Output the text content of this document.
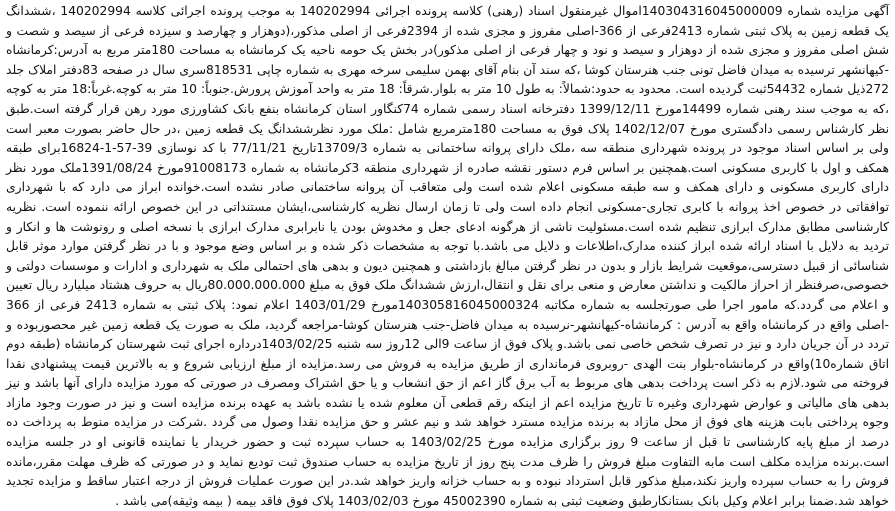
آگهی مزایده شماره 140304316045000009اموال غیرمنقول اسناد (رهنی) کلاسه پرونده اجرائی 140202994 به موجب پرونده اجرائی کلاسه 140202994 ،ششدانگ یک قطعه زمین به پلاک ثبتی شماره 2413فرعی از 366-اصلی مفروز و مجزی شده از 2394فرعی از اصلی مذکور،(دوهزار و چهارصد و سیزده فرعی از سیصد و شصت و شش اصلی مفروز و مجزی شده از دوهزار و سیصد و نود و چهار فرعی از اصلی مذکور)در بخش یک حومه ناحیه یک کرمانشاه به مساحت 180متر مربع به آدرس:کرمانشاه -کیهانشهر ترسیده به میدان فاضل تونی جنب هنرستان کوشا ،که سند آن بنام آقای بهمن سلیمی سرخه مهری به شماره چاپی 818531سری سال در صفحه 83دفتر املاک جلد 272ذیل شماره 54432ثبت گردیده است. محدود به حدود:شمالاً: به طول 10 متر به بلوار.شرقاً: 18 متر به واحد آموزش پرورش.جنوباً: 10 متر به کوچه.غرباً:18 متر به کوچه ،که به موجب سند رهنی شماره 14499مورخ 1399/12/11 دفترخانه اسناد رسمی شماره 74کنگاور استان کرمانشاه بنفع بانک کشاورزی مورد رهن قرار گرفته است.طبق نظر کارشناس رسمی دادگستری مورخ 1402/12/07 پلاک فوق به مساحت 180مترمربع شامل :ملک مورد نظرششدانگ یک قطعه زمین ،در حال حاضر بصورت معبر است ولی بر اساس اسناد موجود در پرونده شهرداری منطقه سه ،ملک دارای پروانه ساختمانی به شماره 13709/3تاریخ 77/11/21 با کد نوسازی 39-57-1-16824برای طبقه همکف و اول با کاربری مسکونی است.همچنین بر اساس فرم دستور نقشه صادره از شهرداری منطقه 3کرمانشاه به شماره 91008173مورخ 1391/08/24ملک مورد نظر دارای کاربری مسکونی و دارای همکف و سه طبقه مسکونی اعلام شده است ولی متعاقب آن پروانه ساختمانی صادر نشده است.خوانده ابراز می دارد که با شهرداری توافقاتی در خصوص اخذ پروانه با کابری تجاری-مسکونی انجام داده است ولی تا زمان ارسال نظریه کارشناسی،ایشان مستنداتی در این خصوص ارائه ننموده است. نظریه کارشناسی مطابق مدارک ابرازی تنظیم شده است.مسئولیت ناشی از هرگونه ادعای جعل و مخدوش بودن یا نابرابری مدارک ابرازی با نسخه اصلی و رونوشت ها و انکار و تردید به دلایل با اسناد ارائه شده ابراز کننده مدارک،اطلاعات و دلایل می باشد.با توجه به مشخصات ذکر شده و بر اساس وضع موجود و با در نظر گرفتن موارد موثر قابل شناسائی از قبیل دسترسی،موقعیت شرایط بازار و بدون در نظر گرفتن مبالغ بازداشتی و همچنین دیون و بدهی های احتمالی ملک به شهرداری و ادارات و موسسات دولتی و خصوصی،صرفنظر از احراز مالکیت و نداشتن معارض و منعی برای نقل و انتقال،ارزش ششدانگ ملک فوق به مبلغ 80.000.000.000ریال به حروف هشتاد میلیارد ریال تعیین و اعلام می گردد.که مامور اجرا طی صورتجلسه به شماره مکاتبه 140305816045000324مورخ 1403/01/29 اعلام نمود: پلاک ثبتی به شماره 2413 فرعی از 366 -اصلی واقع در کرمانشاه واقع به آدرس : کرمانشاه-کیهانشهر-نرسیده به میدان فاضل-جنب هنرستان کوشا-مراجعه گردید، ملک به صورت یک قطعه زمین غیر محصوربوده و تردد در آن جریان دارد و نیز در تصرف شخص خاصی نمی باشد.و پلاک فوق از ساعت 9الی 12روز سه شنبه 1403/02/25درداره اجرای ثبت شهرستان کرمانشاه (طبقه دوم اتاق شماره10)واقع در کرمانشاه-بلوار بنت الهدی -روبروی فرمانداری از طریق مزایده به فروش می رسد.مزایده از مبلغ ارزیابی شروع و به بالاترین قیمت پیشنهادی نقدا فروخته می شود.لازم به ذکر است پرداخت بدهی های مربوط به آب برق گاز اعم از حق انشعاب و یا حق اشتراک ومصرف در صورتی که مورد مزایده دارای آنها باشد و نیز بدهی های مالیاتی و عوارض شهرداری وغیره تا تاریخ مزایده اعم از اینکه رقم قطعی آن معلوم شده یا نشده باشد به عهده برنده مزایده است و نیز در صورت وجود مازاد وجوه پرداختی بابت هزینه های فوق از محل مازاد به برنده مزایده مسترد خواهد شد و نیم عشر و حق مزایده نقدا وصول می گردد .شرکت در مزایده منوط به پرداخت ده درصد از مبلغ پایه کارشناسی تا قبل از ساعت 9 روز برگزاری مزایده مورخ 1403/02/25 به حساب سپرده ثبت و حضور خریدار یا نماینده قانونی او در جلسه مزایده است.برنده مزایده مکلف است مابه التفاوت مبلغ فروش را ظرف مدت پنج روز از تاریخ مزایده به حساب صندوق ثبت تودیع نماید و در صورتی که ظرف مهلت مقرر،مانده فروش را به حساب سپرده واریز نکند،مبلغ مذکور قابل استرداد نبوده و به حساب خزانه واریز خواهد شد.در این صورت عملیات فروش از درجه اعتبار ساقط و مزایده تجدید خواهد شد.ضمنا برابر اعلام وکیل بانک بستانکارطبق وضعیت ثبتی به شماره 45002390 مورخ 1403/02/03 پلاک فوق فاقد بیمه ( بیمه وثیقه)می باشد .
